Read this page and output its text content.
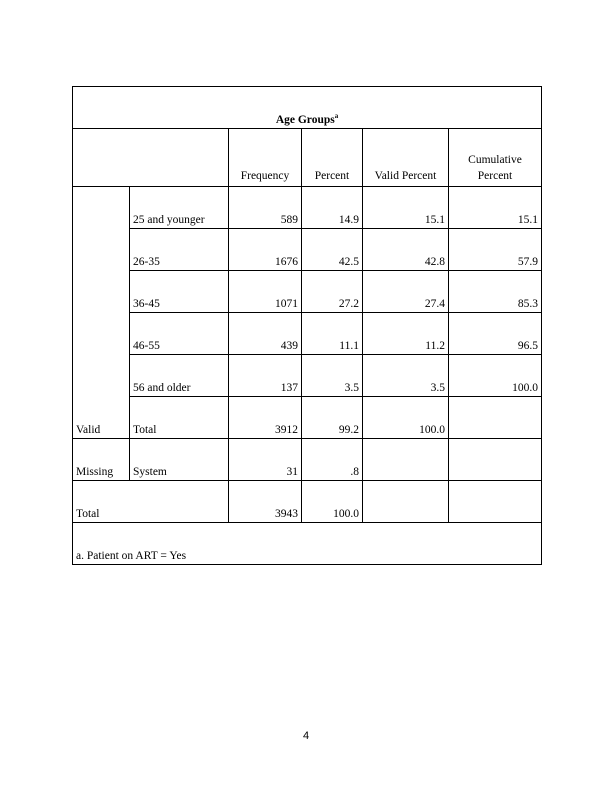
Age Groups$^a$
		Frequency	Percent	Valid Percent	Cumulative Percent
Valid	25 and younger	589	14.9	15.1	15.1
	26-35	1676	42.5	42.8	57.9
	36-45	1071	27.2	27.4	85.3
	46-55	439	11.1	11.2	96.5
	56 and older	137	3.5	3.5	100.0
	Total	3912	99.2	100.0	
Missing	System	31	.8		
Total		3943	100.0		
a. Patient on ART = Yes					
4
